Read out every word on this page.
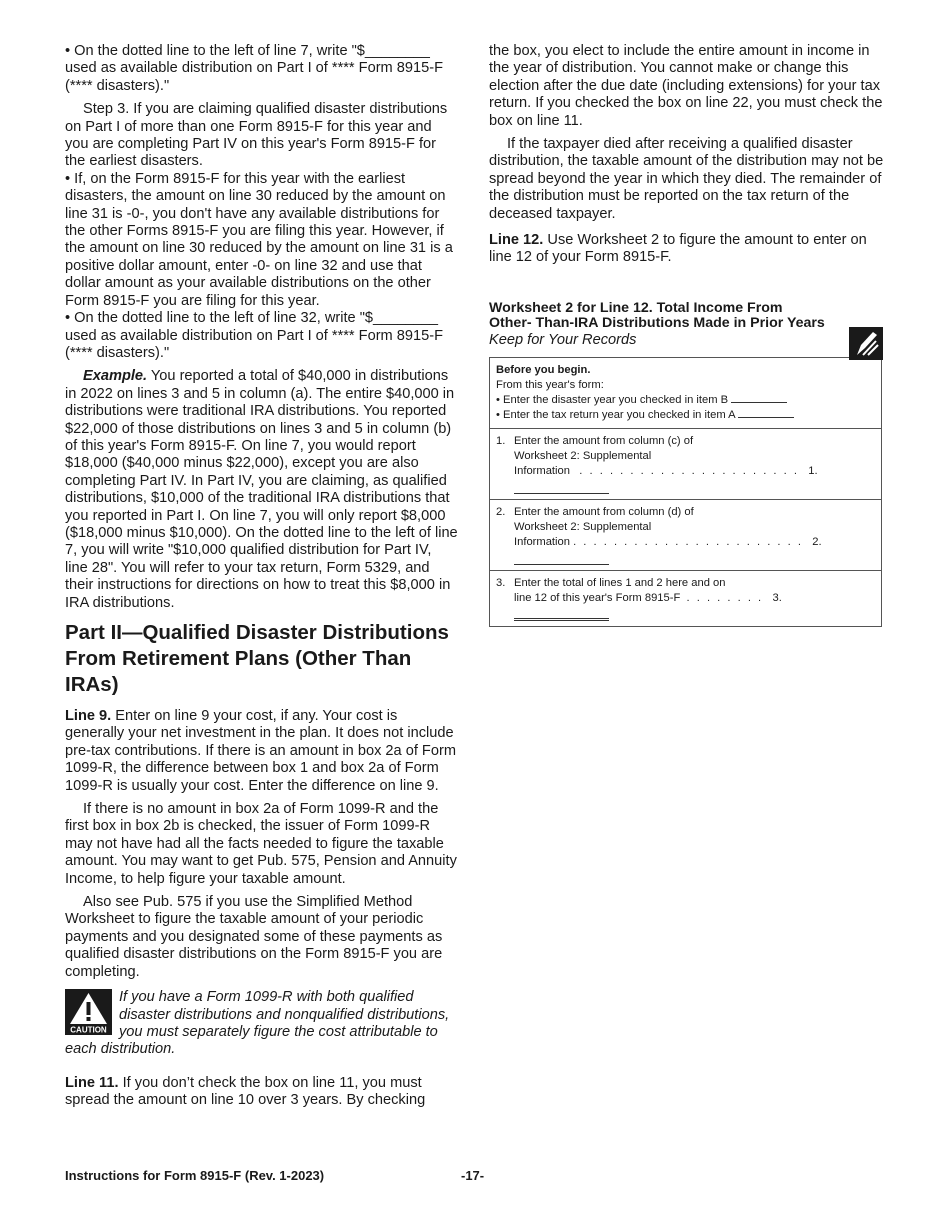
• On the dotted line to the left of line 7, write "$________ used as available distribution on Part I of **** Form 8915-F (**** disasters)."

Step 3. If you are claiming qualified disaster distributions on Part I of more than one Form 8915-F for this year and you are completing Part IV on this year's Form 8915-F for the earliest disasters.

• If, on the Form 8915-F for this year with the earliest disasters, the amount on line 30 reduced by the amount on line 31 is -0-, you don't have any available distributions for the other Forms 8915-F you are filing this year. However, if the amount on line 30 reduced by the amount on line 31 is a positive dollar amount, enter -0- on line 32 and use that dollar amount as your available distributions on the other Form 8915-F you are filing for this year.

• On the dotted line to the left of line 32, write "$________ used as available distribution on Part I of **** Form 8915-F (**** disasters)."

Example. You reported a total of $40,000 in distributions in 2022 on lines 3 and 5 in column (a). The entire $40,000 in distributions were traditional IRA distributions. You reported $22,000 of those distributions on lines 3 and 5 in column (b) of this year's Form 8915-F. On line 7, you would report $18,000 ($40,000 minus $22,000), except you are also completing Part IV. In Part IV, you are claiming, as qualified distributions, $10,000 of the traditional IRA distributions that you reported in Part I. On line 7, you will only report $8,000 ($18,000 minus $10,000). On the dotted line to the left of line 7, you will write "$10,000 qualified distribution for Part IV, line 28". You will refer to your tax return, Form 5329, and their instructions for directions on how to treat this $8,000 in IRA distributions.

Part II—Qualified Disaster Distributions From Retirement Plans (Other Than IRAs)

Line 9. Enter on line 9 your cost, if any. Your cost is generally your net investment in the plan. It does not include pre-tax contributions. If there is an amount in box 2a of Form 1099-R, the difference between box 1 and box 2a of Form 1099-R is usually your cost. Enter the difference on line 9.

If there is no amount in box 2a of Form 1099-R and the first box in box 2b is checked, the issuer of Form 1099-R may not have had all the facts needed to figure the taxable amount. You may want to get Pub. 575, Pension and Annuity Income, to help figure your taxable amount.

Also see Pub. 575 if you use the Simplified Method Worksheet to figure the taxable amount of your periodic payments and you designated some of these payments as qualified disaster distributions on the Form 8915-F you are completing.

CAUTION

If you have a Form 1099-R with both qualified disaster distributions and nonqualified distributions, you must separately figure the cost attributable to each distribution.

Line 11. If you don’t check the box on line 11, you must spread the amount on line 10 over 3 years. By checking

the box, you elect to include the entire amount in income in the year of distribution. You cannot make or change this election after the due date (including extensions) for your tax return. If you checked the box on line 22, you must check the box on line 11.

If the taxpayer died after receiving a qualified disaster distribution, the taxable amount of the distribution may not be spread beyond the year in which they died. The remainder of the distribution must be reported on the tax return of the deceased taxpayer.

Line 12. Use Worksheet 2 to figure the amount to enter on line 12 of your Form 8915-F.

Worksheet 2 for Line 12. Total Income From Other- Than-IRA Distributions Made in Prior Years
Keep for Your Records
Before you begin.
From this year's form:
• Enter the disaster year you checked in item B
• Enter the tax return year you checked in item A

1. Enter the amount from column (c) of
Worksheet 2: Supplemental
Information . . . . . . . . . . . . . . . . . . . . . . 1.

2. Enter the amount from column (d) of
Worksheet 2: Supplemental
Information . . . . . . . . . . . . . . . . . . . . . . . 2.

3. Enter the total of lines 1 and 2 here and on
line 12 of this year's Form 8915-F . . . . . . . . 3.
Instructions for Form 8915-F (Rev. 1-2023)	-17-
